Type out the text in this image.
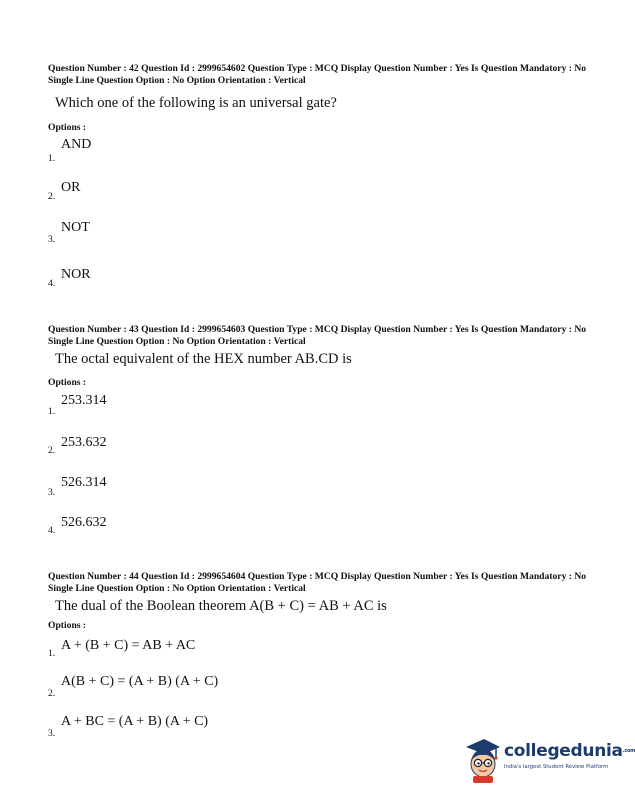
Question Number : 42 Question Id : 2999654602 Question Type : MCQ Display Question Number : Yes Is Question Mandatory : No Single Line Question Option : No Option Orientation : Vertical
Which one of the following is an universal gate?
Options :
1.
AND
2.
OR
3.
NOT
4.
NOR
Question Number : 43 Question Id : 2999654603 Question Type : MCQ Display Question Number : Yes Is Question Mandatory : No Single Line Question Option : No Option Orientation : Vertical
The octal equivalent of the HEX number AB.CD is
Options :
1.
253.314
2.
253.632
3.
526.314
4.
526.632
Question Number : 44 Question Id : 2999654604 Question Type : MCQ Display Question Number : Yes Is Question Mandatory : No Single Line Question Option : No Option Orientation : Vertical
The dual of the Boolean theorem A(B + C) = AB + AC is
Options :
1.
A + (B + C) = AB + AC
2.
A(B + C) = (A + B) (A + C)
3.
A + BC = (A + B) (A + C)
collegedunia.com
India's largest Student Review Platform
